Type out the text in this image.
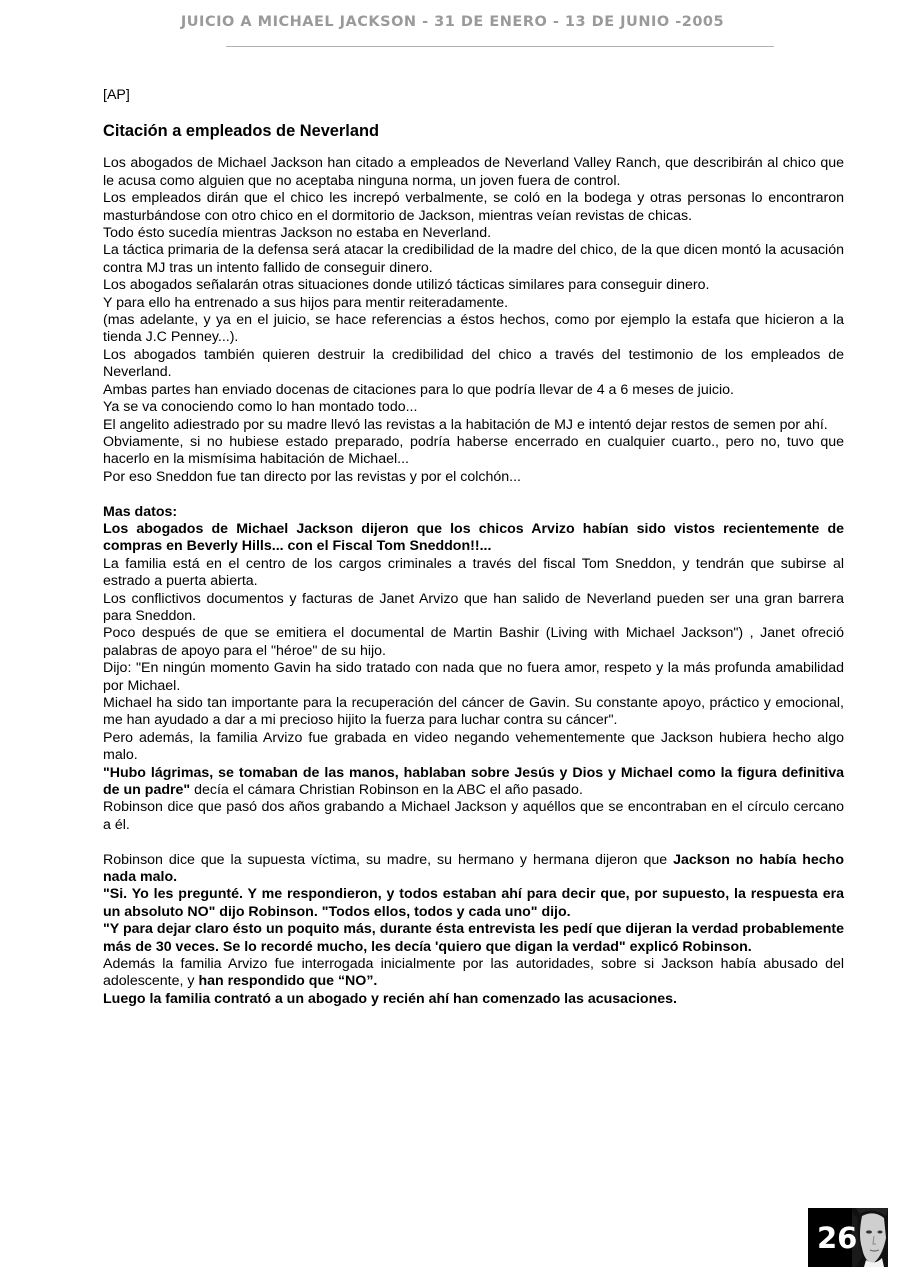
JUICIO A MICHAEL JACKSON - 31 DE ENERO - 13 DE JUNIO -2005

[AP]

Citación a empleados de Neverland

Los abogados de Michael Jackson han citado a empleados de Neverland Valley Ranch, que describirán al chico que le acusa como alguien que no aceptaba ninguna norma, un joven fuera de control.

Los empleados dirán que el chico les increpó verbalmente, se coló en la bodega y otras personas lo encontraron masturbándose con otro chico en el dormitorio de Jackson, mientras veían revistas de chicas.

Todo ésto sucedía mientras Jackson no estaba en Neverland.

La táctica primaria de la defensa será atacar la credibilidad de la madre del chico, de la que dicen montó la acusación contra MJ tras un intento fallido de conseguir dinero.

Los abogados señalarán otras situaciones donde utilizó tácticas similares para conseguir dinero.

Y para ello ha entrenado a sus hijos para mentir reiteradamente.

(mas adelante, y ya en el juicio, se hace referencias a éstos hechos, como por ejemplo la estafa que hicieron a la tienda J.C Penney...).

Los abogados también quieren destruir la credibilidad del chico a través del testimonio de los empleados de Neverland.

Ambas partes han enviado docenas de citaciones para lo que podría llevar de 4 a 6 meses de juicio.

Ya se va conociendo como lo han montado todo...

El angelito adiestrado por su madre llevó las revistas a la habitación de MJ e intentó dejar restos de semen por ahí.

Obviamente, si no hubiese estado preparado, podría haberse encerrado en cualquier cuarto., pero no, tuvo que hacerlo en la mismísima habitación de Michael...

Por eso Sneddon fue tan directo por las revistas y por el colchón...

Mas datos:

Los abogados de Michael Jackson dijeron que los chicos Arvizo habían sido vistos recientemente de compras en Beverly Hills... con el Fiscal Tom Sneddon!!...

La familia está en el centro de los cargos criminales a través del fiscal Tom Sneddon, y tendrán que subirse al estrado a puerta abierta.

Los conflictivos documentos y facturas de Janet Arvizo que han salido de Neverland pueden ser una gran barrera para Sneddon.

Poco después de que se emitiera el documental de Martin Bashir (Living with Michael Jackson") , Janet ofreció palabras de apoyo para el "héroe" de su hijo.

Dijo: "En ningún momento Gavin ha sido tratado con nada que no fuera amor, respeto y la más profunda amabilidad por Michael.

Michael ha sido tan importante para la recuperación del cáncer de Gavin. Su constante apoyo, práctico y emocional, me han ayudado a dar a mi precioso hijito la fuerza para luchar contra su cáncer".

Pero además, la familia Arvizo fue grabada en video negando vehementemente que Jackson hubiera hecho algo malo.

"Hubo lágrimas, se tomaban de las manos, hablaban sobre Jesús y Dios y Michael como la figura definitiva de un padre" decía el cámara Christian Robinson en la ABC el año pasado.

Robinson dice que pasó dos años grabando a Michael Jackson y aquéllos que se encontraban en el círculo cercano a él.

Robinson dice que la supuesta víctima, su madre, su hermano y hermana dijeron que Jackson no había hecho nada malo.

"Si. Yo les pregunté. Y me respondieron, y todos estaban ahí para decir que, por supuesto, la respuesta era un absoluto NO" dijo Robinson. "Todos ellos, todos y cada uno" dijo.

"Y para dejar claro ésto un poquito más, durante ésta entrevista les pedí que dijeran la verdad probablemente más de 30 veces. Se lo recordé mucho, les decía 'quiero que digan la verdad" explicó Robinson.

Además la familia Arvizo fue interrogada inicialmente por las autoridades, sobre si Jackson había abusado del adolescente, y han respondido que “NO”.

Luego la familia contrató a un abogado y recién ahí han comenzado las acusaciones.

26
